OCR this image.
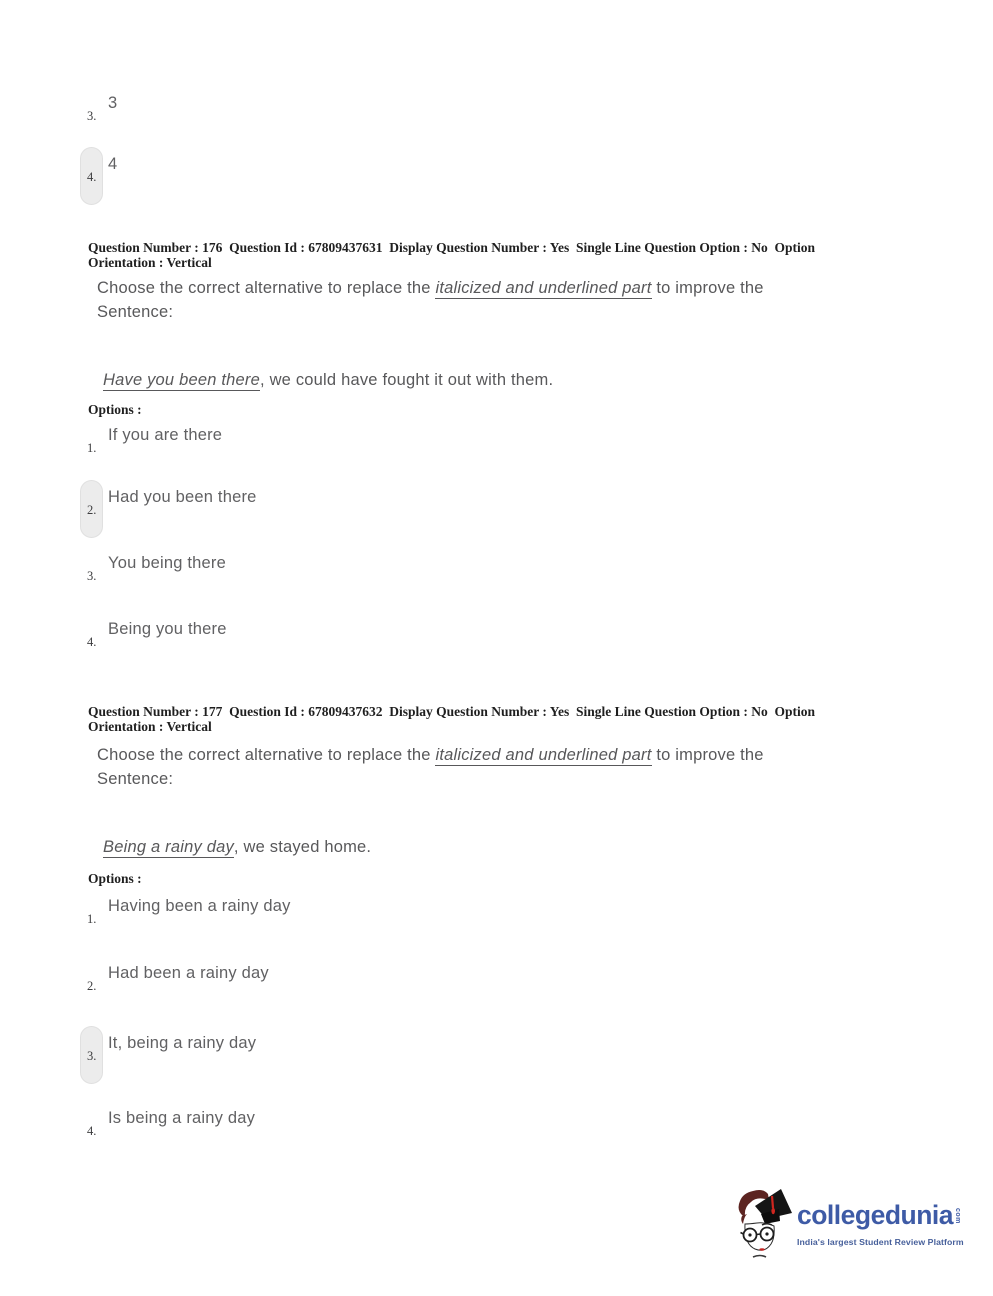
3.
3
4.
4
Question Number : 176  Question Id : 67809437631  Display Question Number : Yes  Single Line Question Option : No  Option Orientation : Vertical
Choose the correct alternative to replace the italicized and underlined part to improve the Sentence:
Have you been there, we could have fought it out with them.
Options :
1.
If you are there
2.
Had you been there
3.
You being there
4.
Being you there
Question Number : 177  Question Id : 67809437632  Display Question Number : Yes  Single Line Question Option : No  Option Orientation : Vertical
Choose the correct alternative to replace the italicized and underlined part to improve the Sentence:
Being a rainy day, we stayed home.
Options :
1.
Having been a rainy day
2.
Had been a rainy day
3.
It, being a rainy day
4.
Is being a rainy day
collegedunia com
India's largest Student Review Platform
